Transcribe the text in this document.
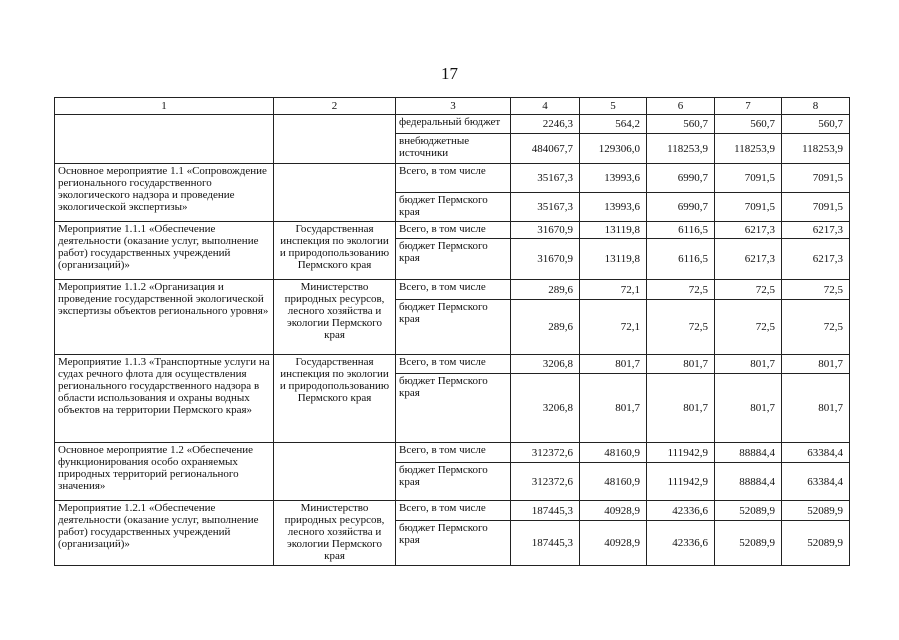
17
1	2	3	4	5	6	7	8
		федеральный бюджет	2246,3	564,2	560,7	560,7	560,7
		внебюджетные источники	484067,7	129306,0	118253,9	118253,9	118253,9
Основное мероприятие 1.1 «Сопровождение регионального государственного экологического надзора и проведение экологической экспертизы»		Всего, в том числе	35167,3	13993,6	6990,7	7091,5	7091,5
		бюджет Пермского края	35167,3	13993,6	6990,7	7091,5	7091,5
Мероприятие 1.1.1 «Обеспечение деятельности (оказание услуг, выполнение работ) государственных учреждений (организаций)»	Государственная инспекция по экологии и природопользованию Пермского края	Всего, в том числе	31670,9	13119,8	6116,5	6217,3	6217,3
		бюджет Пермского края	31670,9	13119,8	6116,5	6217,3	6217,3
Мероприятие 1.1.2 «Организация и проведение государственной экологической экспертизы объектов регионального уровня»	Министерство природных ресурсов, лесного хозяйства и экологии Пермского края	Всего, в том числе	289,6	72,1	72,5	72,5	72,5
		бюджет Пермского края	289,6	72,1	72,5	72,5	72,5
Мероприятие 1.1.3 «Транспортные услуги на судах речного флота для осуществления регионального государственного надзора в области использования и охраны водных объектов на территории Пермского края»	Государственная инспекция по экологии и природопользованию Пермского края	Всего, в том числе	3206,8	801,7	801,7	801,7	801,7
		бюджет Пермского края	3206,8	801,7	801,7	801,7	801,7
Основное мероприятие 1.2 «Обеспечение функционирования особо охраняемых природных территорий регионального значения»		Всего, в том числе	312372,6	48160,9	111942,9	88884,4	63384,4
		бюджет Пермского края	312372,6	48160,9	111942,9	88884,4	63384,4
Мероприятие 1.2.1 «Обеспечение деятельности (оказание услуг, выполнение работ) государственных учреждений (организаций)»	Министерство природных ресурсов, лесного хозяйства и экологии Пермского края	Всего, в том числе	187445,3	40928,9	42336,6	52089,9	52089,9
		бюджет Пермского края	187445,3	40928,9	42336,6	52089,9	52089,9
